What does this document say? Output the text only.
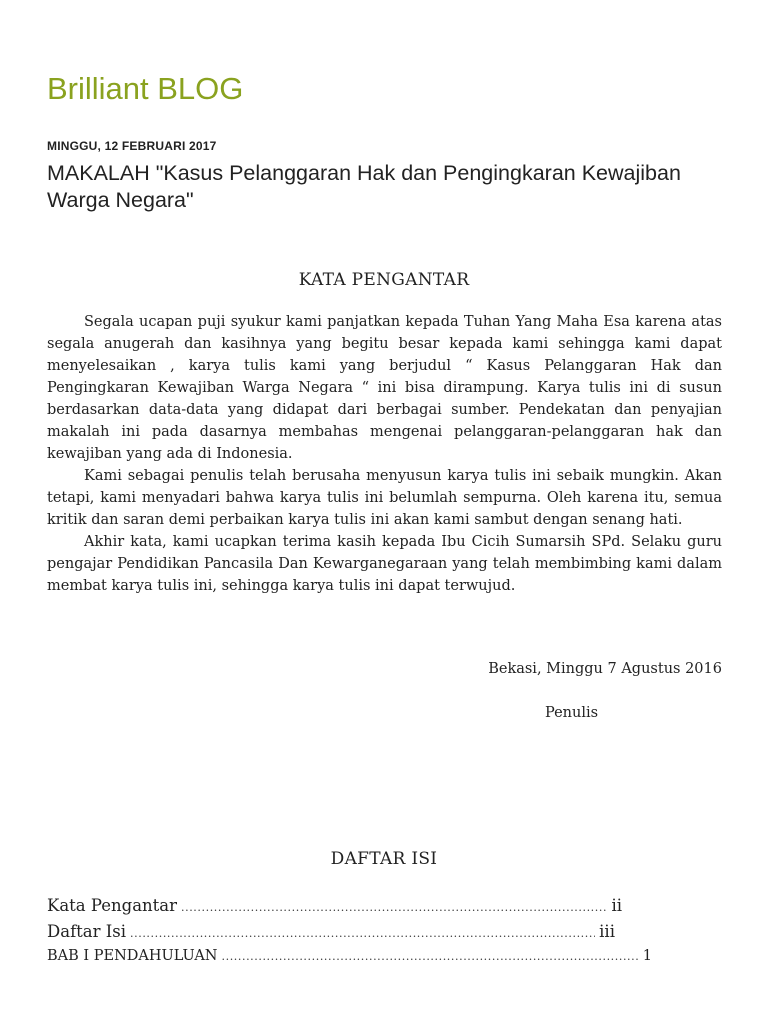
Brilliant BLOG
MINGGU, 12 FEBRUARI 2017
MAKALAH "Kasus Pelanggaran Hak dan Pengingkaran Kewajiban Warga Negara"
KATA PENGANTAR

Segala ucapan puji syukur kami panjatkan kepada Tuhan Yang Maha Esa karena atas segala anugerah dan kasihnya yang begitu besar kepada kami sehingga kami dapat menyelesaikan , karya tulis kami yang berjudul “ Kasus Pelanggaran Hak dan Pengingkaran Kewajiban Warga Negara “ ini bisa dirampung. Karya tulis ini di susun berdasarkan data-data yang didapat dari berbagai sumber. Pendekatan dan penyajian makalah ini pada dasarnya membahas mengenai pelanggaran-pelanggaran hak dan kewajiban yang ada di Indonesia.

Kami sebagai penulis telah berusaha menyusun karya tulis ini sebaik mungkin. Akan tetapi, kami menyadari bahwa karya tulis ini belumlah sempurna. Oleh karena itu, semua kritik dan saran demi perbaikan karya tulis ini akan kami sambut dengan senang hati.

Akhir kata, kami ucapkan terima kasih kepada Ibu Cicih Sumarsih SPd. Selaku guru pengajar Pendidikan Pancasila Dan Kewarganegaraan yang telah membimbing kami dalam membat karya tulis ini, sehingga karya tulis ini dapat terwujud.

Bekasi, Minggu 7 Agustus 2016
Penulis
DAFTAR ISI
Kata Pengantar .....	ii
Daftar Isi .....	iii
BAB I PENDAHULUAN .....	1
